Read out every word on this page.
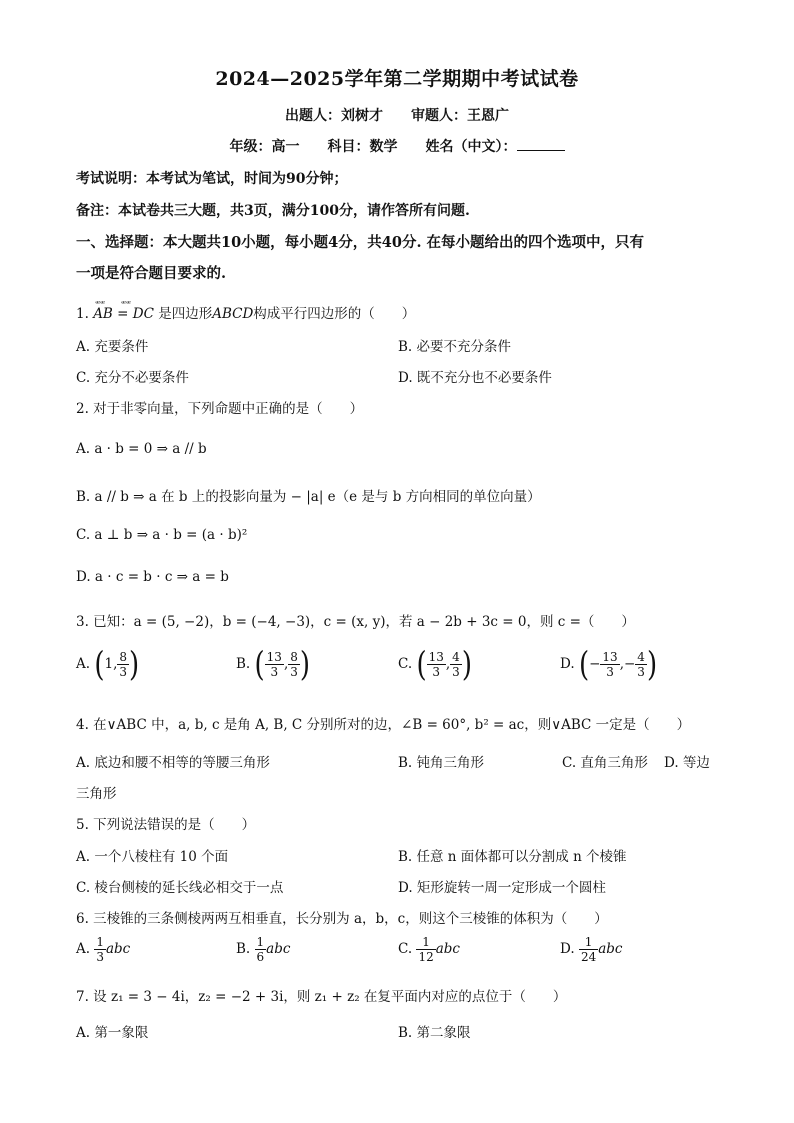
2024—2025学年第二学期期中考试试卷
出题人：刘树才　　审题人：王恩广
年级：高一　　科目：数学　　姓名（中文）：
考试说明：本考试为笔试，时间为90分钟；
备注：本试卷共三大题，共3页，满分100分，请作答所有问题.
一、选择题：本大题共10小题，每小题4分，共40分. 在每小题给出的四个选项中，只有
一项是符合题目要求的.
1.
ᵆᵆ　　ᵆᵆ
AB = DC 是四边形ABCD构成平行四边形的（　　）
A. 充要条件	B. 必要不充分条件
C. 充分不必要条件	D. 既不充分也不必要条件
2. 对于非零向量，下列命题中正确的是（　　）
A. a · b = 0 ⇒ a // b
B. a // b ⇒ a 在 b 上的投影向量为 − |a| e（e 是与 b 方向相同的单位向量）
C. a ⊥ b ⇒ a · b = (a · b)²
D. a · c = b · c ⇒ a = b
3. 已知：a = (5, −2)，b = (−4, −3)，c = (x, y)，若 a − 2b + 3c = 0，则 c =（　　）
A. (1, $\frac{8}{3}$ )	B. ( $\frac{13}{3}$ , $\frac{8}{3}$ )	C. ( $\frac{13}{3}$ , $\frac{4}{3}$ )	D. (− $\frac{13}{3}$ ,− $\frac{4}{3}$ )
4. 在∨ABC 中，a, b, c 是角 A, B, C 分别所对的边，∠B = 60°, b² = ac，则∨ABC 一定是（　　）
A. 底边和腰不相等的等腰三角形	B. 钝角三角形	C. 直角三角形 D. 等边
三角形
5. 下列说法错误的是（　　）
A. 一个八棱柱有 10 个面	B. 任意 n 面体都可以分割成 n 个棱锥
C. 棱台侧棱的延长线必相交于一点	D. 矩形旋转一周一定形成一个圆柱
6. 三棱锥的三条侧棱两两互相垂直，长分别为 a，b，c，则这个三棱锥的体积为（　　）
A. $\frac{1}{3}$ abc	B. $\frac{1}{6}$ abc	C. $\frac{1}{12}$ abc	D. $\frac{1}{24}$ abc
7. 设 z₁ = 3 − 4i，z₂ = −2 + 3i，则 z₁ + z₂ 在复平面内对应的点位于（　　）
A. 第一象限	B. 第二象限
